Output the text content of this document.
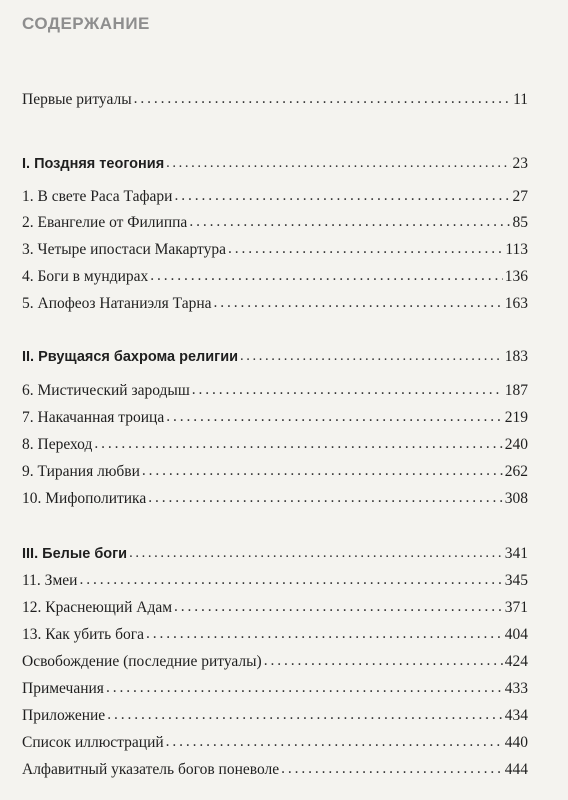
СОДЕРЖАНИЕ
Первые ритуалы . . .	11
I. Поздняя теогония . . .	23
1. В свете Раса Тафари . . .	27
2. Евангелие от Филиппа . . .	85
3. Четыре ипостаси Макартура . . .	113
4. Боги в мундирах . . .	136
5. Апофеоз Натаниэля Тарна . . .	163
II. Рвущаяся бахрома религии . . .	183
6. Мистический зародыш . . .	187
7. Накачанная троица . . .	219
8. Переход . . .	240
9. Тирания любви . . .	262
10. Мифополитика . . .	308
III. Белые боги . . .	341
11. Змеи . . .	345
12. Краснеющий Адам . . .	371
13. Как убить бога . . .	404
Освобождение (последние ритуалы) . . .	424
Примечания . . .	433
Приложение . . .	434
Список иллюстраций . . .	440
Алфавитный указатель богов поневоле . . .	444
